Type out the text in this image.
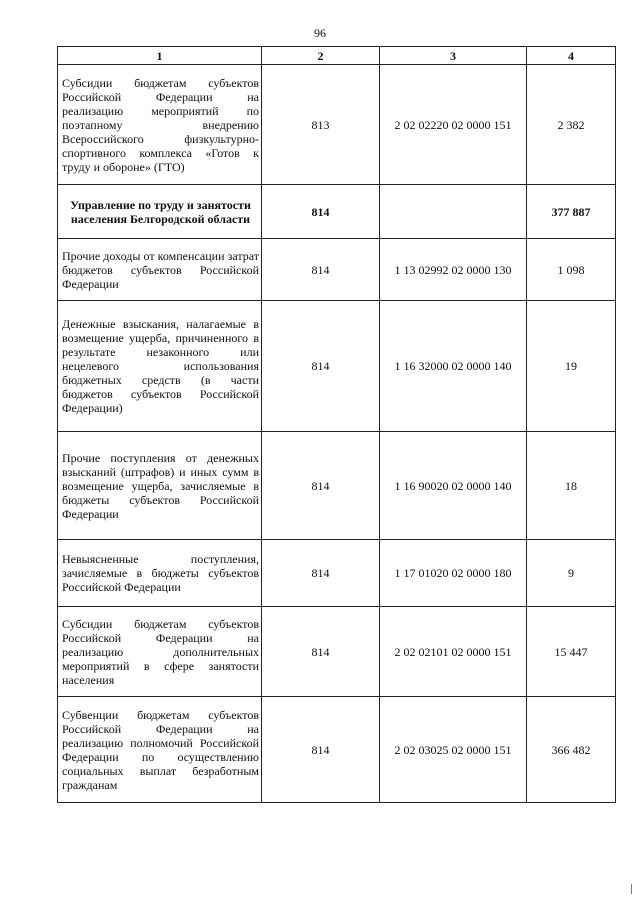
96
1	2	3	4
Субсидии бюджетам субъектов Российской Федерации на реализацию мероприятий по поэтапному внедрению Всероссийского физкультурно-спортивного комплекса «Готов к труду и обороне» (ГТО)	813	2 02 02220 02 0000 151	2 382
Управление по труду и занятости населения Белгородской области	814		377 887
Прочие доходы от компенсации затрат бюджетов субъектов Российской Федерации	814	1 13 02992 02 0000 130	1 098
Денежные взыскания, налагаемые в возмещение ущерба, причиненного в результате незаконного или нецелевого использования бюджетных средств (в части бюджетов субъектов Российской Федерации)	814	1 16 32000 02 0000 140	19
Прочие поступления от денежных взысканий (штрафов) и иных сумм в возмещение ущерба, зачисляемые в бюджеты субъектов Российской Федерации	814	1 16 90020 02 0000 140	18
Невыясненные поступления, зачисляемые в бюджеты субъектов Российской Федерации	814	1 17 01020 02 0000 180	9
Субсидии бюджетам субъектов Российской Федерации на реализацию дополнительных мероприятий в сфере занятости населения	814	2 02 02101 02 0000 151	15 447
Субвенции бюджетам субъектов Российской Федерации на реализацию полномочий Российской Федерации по осуществлению социальных выплат безработным гражданам	814	2 02 03025 02 0000 151	366 482
